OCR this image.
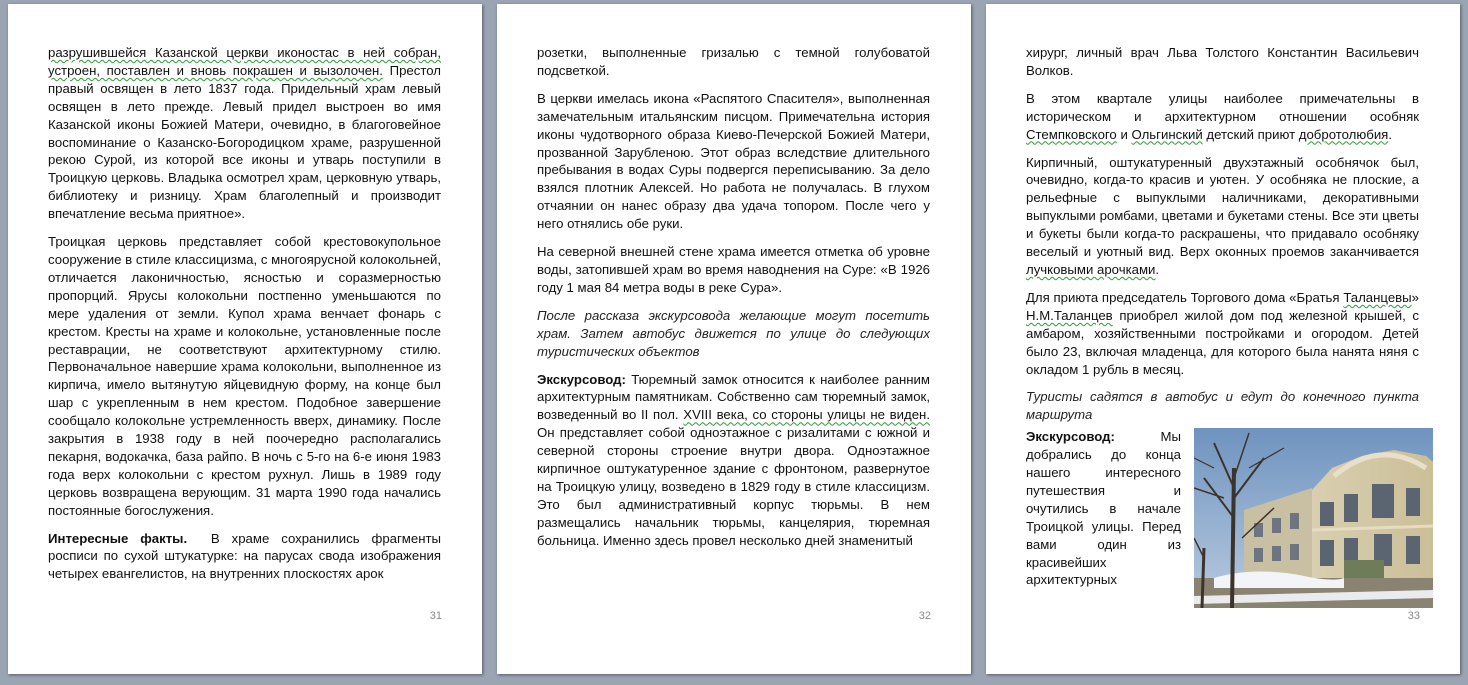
разрушившейся Казанской церкви иконостас в ней собран, устроен, поставлен и вновь покрашен и вызолочен. Престол правый освящен в лето 1837 года. Придельный храм левый освящен в лето прежде. Левый придел выстроен во имя Казанской иконы Божией Матери, очевидно, в благоговейное воспоминание о Казанско-Богородицком храме, разрушенной рекою Сурой, из которой все иконы и утварь поступили в Троицкую церковь. Владыка осмотрел храм, церковную утварь, библиотеку и ризницу. Храм благолепный и производит впечатление весьма приятное».

Троицкая церковь представляет собой крестовокупольное сооружение в стиле классицизма, с многоярусной колокольней, отличается лаконичностью, ясностью и соразмерностью пропорций. Ярусы колокольни постпенно уменьшаются по мере удаления от земли. Купол храма венчает фонарь с крестом. Кресты на храме и колокольне, установленные после реставрации, не соответствуют архитектурному стилю. Первоначальное навершие храма колокольни, выполненное из кирпича, имело вытянутую яйцевидную форму, на конце был шар с укрепленным в нем крестом. Подобное завершение сообщало колокольне устремленность вверх, динамику. После закрытия в 1938 году в ней поочередно располагались пекарня, водокачка, база райпо. В ночь с 5-го на 6-е июня 1983 года верх колокольни с крестом рухнул. Лишь в 1989 году церковь возвращена верующим. 31 марта 1990 года начались постоянные богослужения.

Интересные факты.  В храме сохранились фрагменты росписи по сухой штукатурке: на парусах свода изображения четырех евангелистов, на внутренних плоскостях арок

31

розетки, выполненные гризалью с темной голубоватой подсветкой.

В церкви имелась икона «Распятого Спасителя», выполненная замечательным итальянским писцом. Примечательна история иконы чудотворного образа Киево-Печерской Божией Матери, прозванной Зарубленою. Этот образ вследствие длительного пребывания в водах Суры подвергся переписыванию. За дело взялся плотник Алексей. Но работа не получалась. В глухом отчаянии он нанес образу два удача топором. После чего у него отнялись обе руки.

На северной внешней стене храма имеется отметка об уровне воды, затопившей храм во время наводнения на Суре: «В 1926 году 1 мая 84 метра воды в реке Сура».

После рассказа экскурсовода желающие могут посетить храм. Затем автобус движется по улице до следующих туристических объектов

Экскурсовод: Тюремный замок относится к наиболее ранним архитектурным памятникам. Собственно сам тюремный замок, возведенный во II пол. XVIII века, со стороны улицы не виден. Он представляет собой одноэтажное с ризалитами с южной и северной стороны строение внутри двора. Одноэтажное кирпичное оштукатуренное здание с фронтоном, развернутое на Троицкую улицу, возведено в 1829 году в стиле классицизм. Это был административный корпус тюрьмы. В нем размещались начальник тюрьмы, канцелярия, тюремная больница. Именно здесь провел несколько дней знаменитый

32

хирург, личный врач Льва Толстого Константин Васильевич Волков.

В этом квартале улицы наиболее примечательны в историческом и архитектурном отношении особняк Стемпковского и Ольгинский детский приют добротолюбия.

Кирпичный, оштукатуренный двухэтажный особнячок был, очевидно, когда-то красив и уютен. У особняка не плоские, а рельефные с выпуклыми наличниками, декоративными выпуклыми ромбами, цветами и букетами стены. Все эти цветы и букеты были когда-то раскрашены, что придавало особняку веселый и уютный вид. Верх оконных проемов заканчивается лучковыми арочками.

Для приюта председатель Торгового дома «Братья Таланцевы» Н.М.Таланцев приобрел жилой дом под железной крышей, с амбаром, хозяйственными постройками и огородом. Детей было 23, включая младенца, для которого была нанята няня с окладом 1 рубль в месяц.

Туристы садятся в автобус и едут до конечного пункта маршрута

Экскурсовод: Мы добрались до конца нашего интересного путешествия и очутились в начале Троицкой улицы. Перед вами один из красивейших архитектурных
33
